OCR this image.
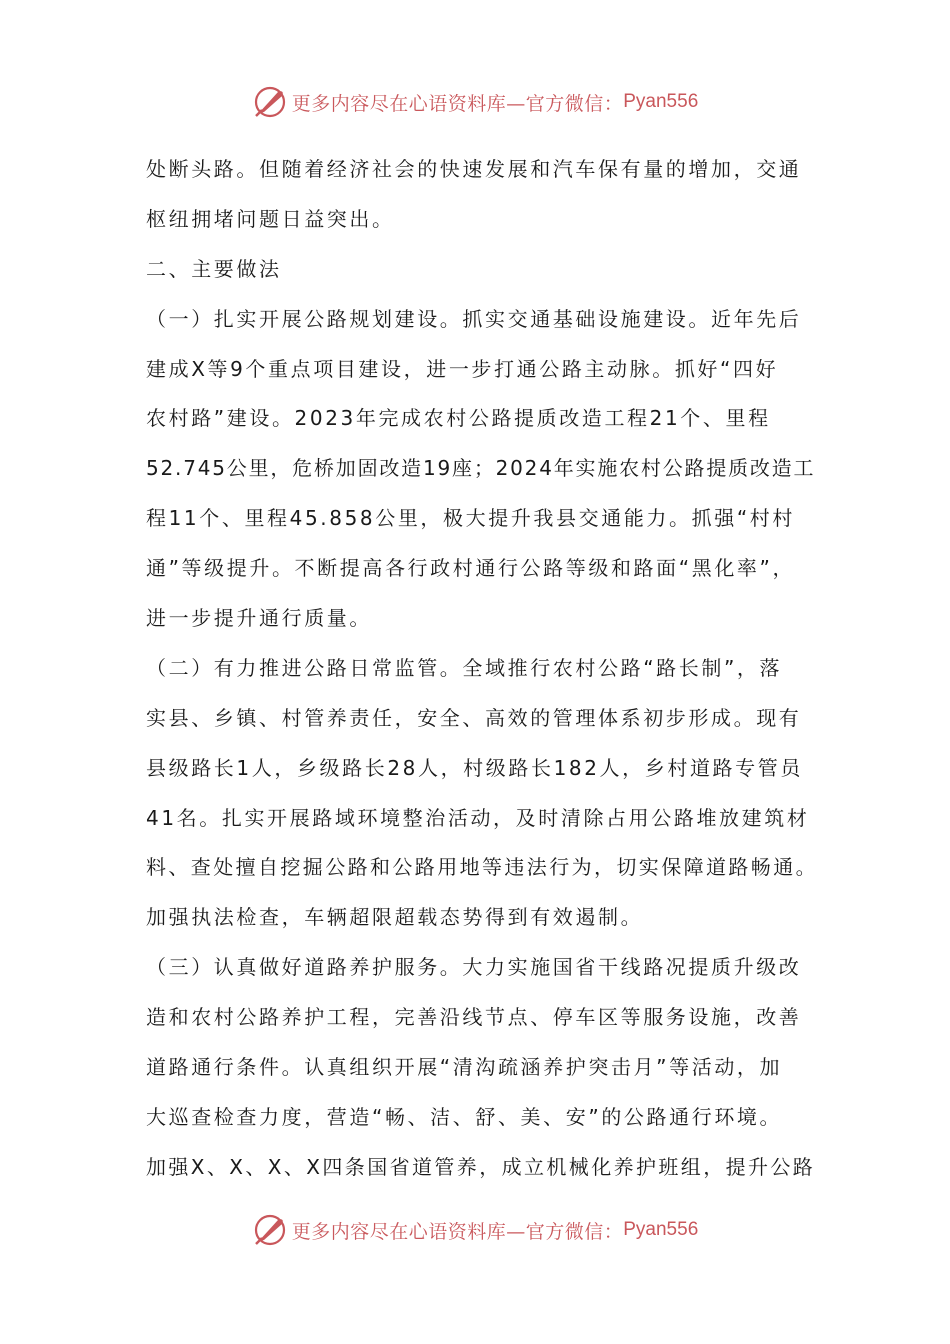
更多内容尽在心语资料库—官方微信： Pyan556
处断头路。但随着经济社会的快速发展和汽车保有量的增加，交通
枢纽拥堵问题日益突出。
二、主要做法
（一）扎实开展公路规划建设。抓实交通基础设施建设。近年先后
建成X等9个重点项目建设，进一步打通公路主动脉。抓好“四好
农村路”建设。2023年完成农村公路提质改造工程21个、里程
52.745公里，危桥加固改造19座；2024年实施农村公路提质改造工
程11个、里程45.858公里，极大提升我县交通能力。抓强“村村
通”等级提升。不断提高各行政村通行公路等级和路面“黑化率”，
进一步提升通行质量。
（二）有力推进公路日常监管。全域推行农村公路“路长制”，落
实县、乡镇、村管养责任，安全、高效的管理体系初步形成。现有
县级路长1人，乡级路长28人，村级路长182人，乡村道路专管员
41名。扎实开展路域环境整治活动，及时清除占用公路堆放建筑材
料、查处擅自挖掘公路和公路用地等违法行为，切实保障道路畅通。
加强执法检查，车辆超限超载态势得到有效遏制。
（三）认真做好道路养护服务。大力实施国省干线路况提质升级改
造和农村公路养护工程，完善沿线节点、停车区等服务设施，改善
道路通行条件。认真组织开展“清沟疏涵养护突击月”等活动，加
大巡查检查力度，营造“畅、洁、舒、美、安”的公路通行环境。
加强X、X、X、X四条国省道管养，成立机械化养护班组，提升公路
更多内容尽在心语资料库—官方微信： Pyan556
